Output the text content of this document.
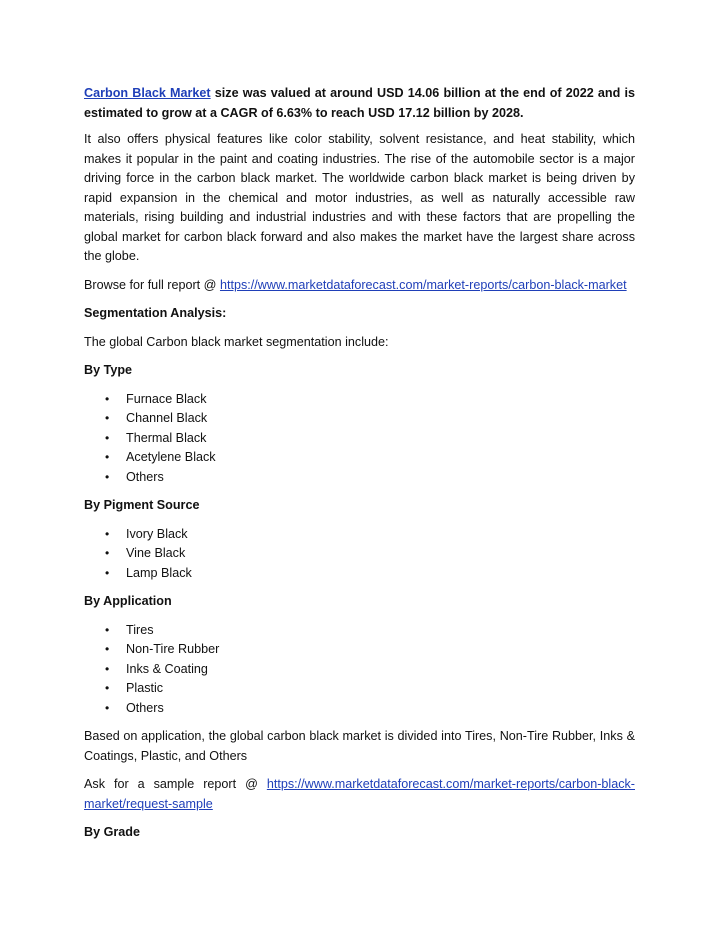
Carbon Black Market size was valued at around USD 14.06 billion at the end of 2022 and is estimated to grow at a CAGR of 6.63% to reach USD 17.12 billion by 2028.

It also offers physical features like color stability, solvent resistance, and heat stability, which makes it popular in the paint and coating industries. The rise of the automobile sector is a major driving force in the carbon black market. The worldwide carbon black market is being driven by rapid expansion in the chemical and motor industries, as well as naturally accessible raw materials, rising building and industrial industries and with these factors that are propelling the global market for carbon black forward and also makes the market have the largest share across the globe.

Browse for full report @ https://www.marketdataforecast.com/market-reports/carbon-black-market

Segmentation Analysis:

The global Carbon black market segmentation include:

By Type

• Furnace Black
• Channel Black
• Thermal Black
• Acetylene Black
• Others

By Pigment Source

• Ivory Black
• Vine Black
• Lamp Black

By Application

• Tires
• Non-Tire Rubber
• Inks & Coating
• Plastic
• Others

Based on application, the global carbon black market is divided into Tires, Non-Tire Rubber, Inks & Coatings, Plastic, and Others

Ask for a sample report @ https://www.marketdataforecast.com/market-reports/carbon-black-market/request-sample

By Grade
